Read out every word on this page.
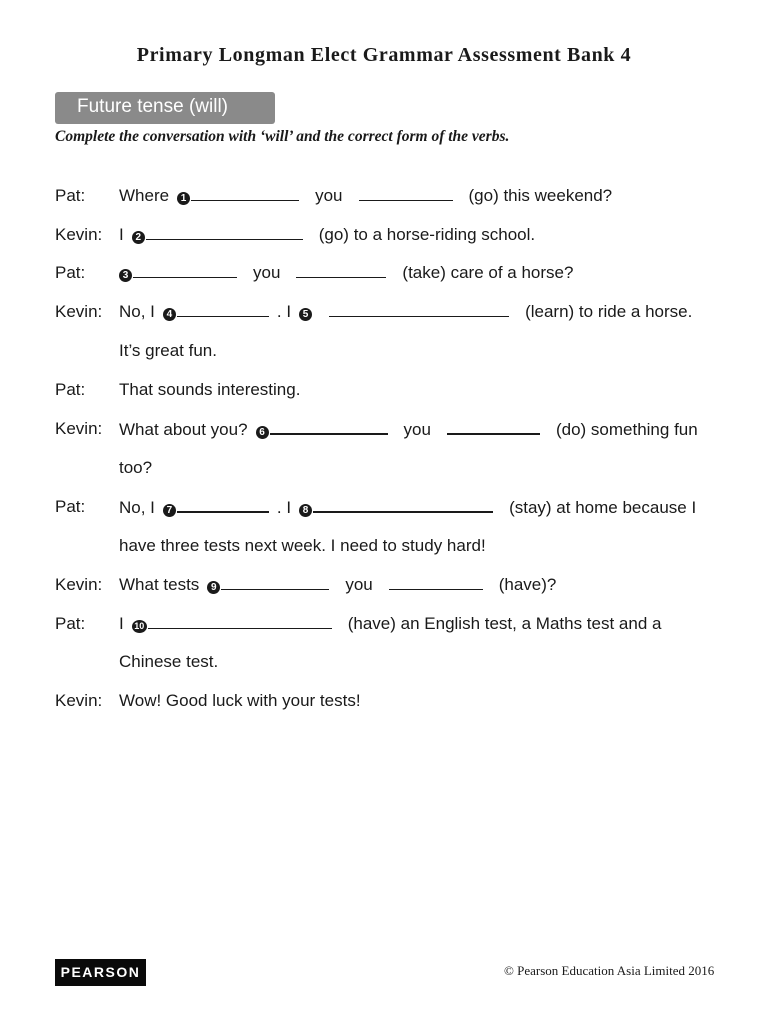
Primary Longman Elect Grammar Assessment Bank 4
Future tense (will)
Complete the conversation with ‘will’ and the correct form of the verbs.
Pat: Where 1	you	(go) this weekend?
Kevin: I 2	(go) to a horse-riding school.
Pat:	3	you	(take) care of a horse?
Kevin: No, I 4	. I 5	(learn) to ride a horse.
It’s great fun.
Pat: That sounds interesting.
Kevin: What about you? 6	you	(do) something fun
too?
Pat: No, I 7	. I 8	(stay) at home because I
have three tests next week. I need to study hard!
Kevin: What tests 9	you	(have)?
Pat: I 10	(have) an English test, a Maths test and a
Chinese test.
Kevin: Wow! Good luck with your tests!
PEARSON	© Pearson Education Asia Limited 2016
